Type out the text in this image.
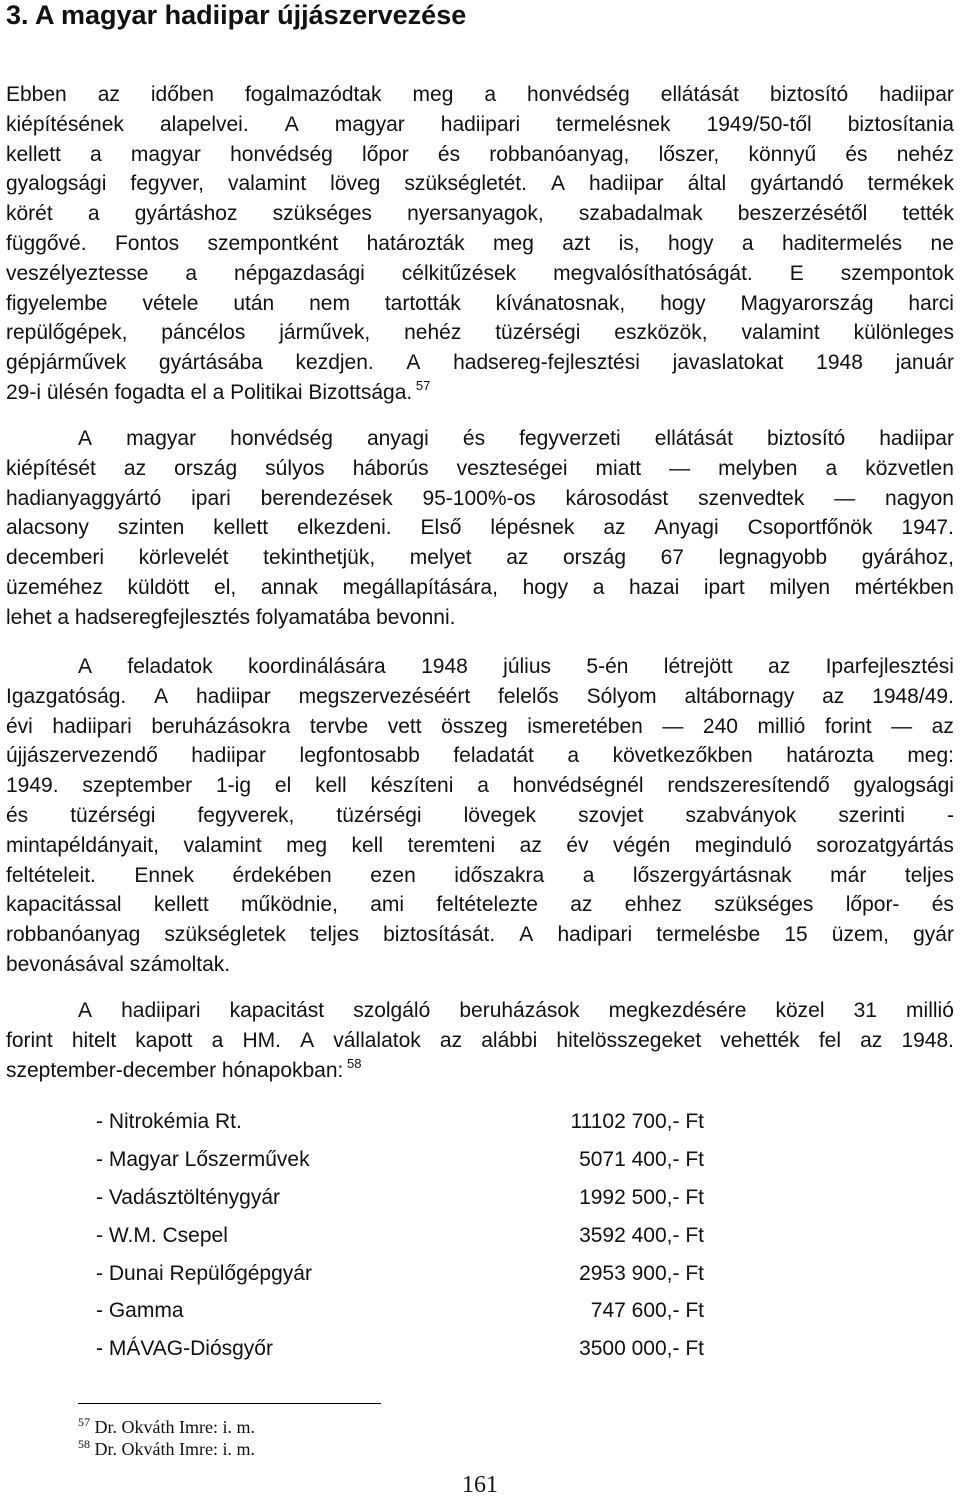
3. A magyar hadiipar újjászervezése
Ebben az időben fogalmazódtak meg a honvédség ellátását biztosító hadiipar
kiépítésének alapelvei. A magyar hadiipari termelésnek 1949/50-től biztosítania
kellett a magyar honvédség lőpor és robbanóanyag, lőszer, könnyű és nehéz
gyalogsági fegyver, valamint löveg szükségletét. A hadiipar által gyártandó termékek
körét a gyártáshoz szükséges nyersanyagok, szabadalmak beszerzésétől tették
függővé. Fontos szempontként határozták meg azt is, hogy a haditermelés ne
veszélyeztesse a népgazdasági célkitűzések megvalósíthatóságát. E szempontok
figyelembe vétele után nem tartották kívánatosnak, hogy Magyarország harci
repülőgépek, páncélos járművek, nehéz tüzérségi eszközök, valamint különleges
gépjárművek gyártásába kezdjen. A hadsereg-fejlesztési javaslatokat 1948 január
29-i ülésén fogadta el a Politikai Bizottsága. $^{57}$
A magyar honvédség anyagi és fegyverzeti ellátását biztosító hadiipar
kiépítését az ország súlyos háborús veszteségei miatt — melyben a közvetlen
hadianyaggyártó ipari berendezések 95-100%-os károsodást szenvedtek — nagyon
alacsony szinten kellett elkezdeni. Első lépésnek az Anyagi Csoportfőnök 1947.
decemberi körlevelét tekinthetjük, melyet az ország 67 legnagyobb gyárához,
üzeméhez küldött el, annak megállapítására, hogy a hazai ipart milyen mértékben
lehet a hadseregfejlesztés folyamatába bevonni.
A feladatok koordinálására 1948 július 5-én létrejött az Iparfejlesztési
Igazgatóság. A hadiipar megszervezéséért felelős Sólyom altábornagy az 1948/49.
évi hadiipari beruházásokra tervbe vett összeg ismeretében — 240 millió forint — az
újjászervezendő hadiipar legfontosabb feladatát a következőkben határozta meg:
1949. szeptember 1-ig el kell készíteni a honvédségnél rendszeresítendő gyalogsági
és tüzérségi fegyverek, tüzérségi lövegek szovjet szabványok szerinti -
mintapéldányait, valamint meg kell teremteni az év végén meginduló sorozatgyártás
feltételeit. Ennek érdekében ezen időszakra a lőszergyártásnak már teljes
kapacitással kellett működnie, ami feltételezte az ehhez szükséges lőpor- és
robbanóanyag szükségletek teljes biztosítását. A hadipari termelésbe 15 üzem, gyár
bevonásával számoltak.
A hadiipari kapacitást szolgáló beruházások megkezdésére közel 31 millió
forint hitelt kapott a HM. A vállalatok az alábbi hitelösszegeket vehették fel az 1948.
szeptember-december hónapokban: $^{58}$
- Nitrokémia Rt.	11102 700,- Ft
- Magyar Lőszerművek	5071 400,- Ft
- Vadásztölténygyár	1992 500,- Ft
- W.M. Csepel	3592 400,- Ft
- Dunai Repülőgépgyár	2953 900,- Ft
- Gamma	747 600,- Ft
- MÁVAG-Diósgyőr	3500 000,- Ft
$^{57}$ Dr. Okváth Imre: i. m.
$^{58}$ Dr. Okváth Imre: i. m.
161
